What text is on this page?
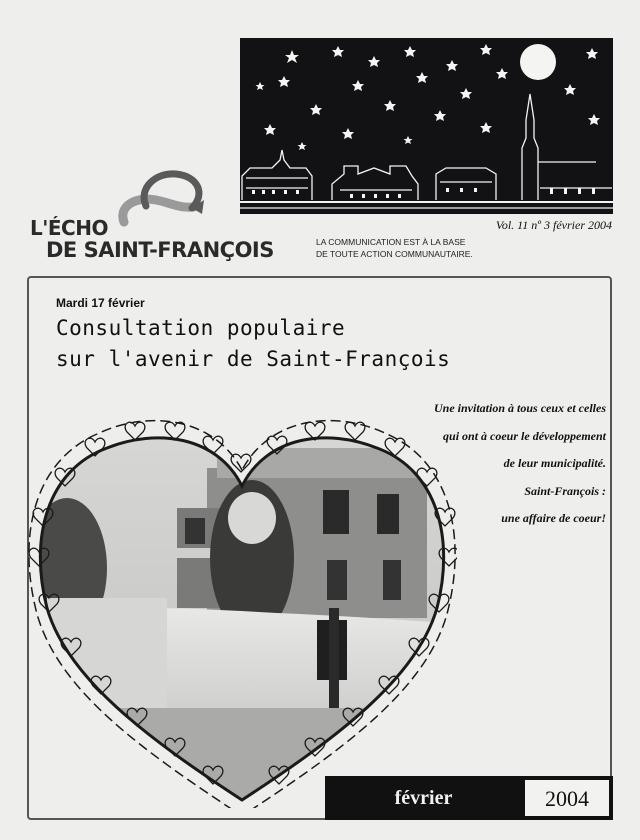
L'ÉCHO
DE SAINT-FRANÇOIS
Vol. 11 nº 3 février 2004
LA COMMUNICATION EST À LA BASE
DE TOUTE ACTION COMMUNAUTAIRE.
Mardi 17 février
Consultation populaire
sur l'avenir de Saint-François
Une invitation à tous ceux et celles
qui ont à coeur le développement
de leur municipalité.
Saint-François :
une affaire de coeur!
février	2004
